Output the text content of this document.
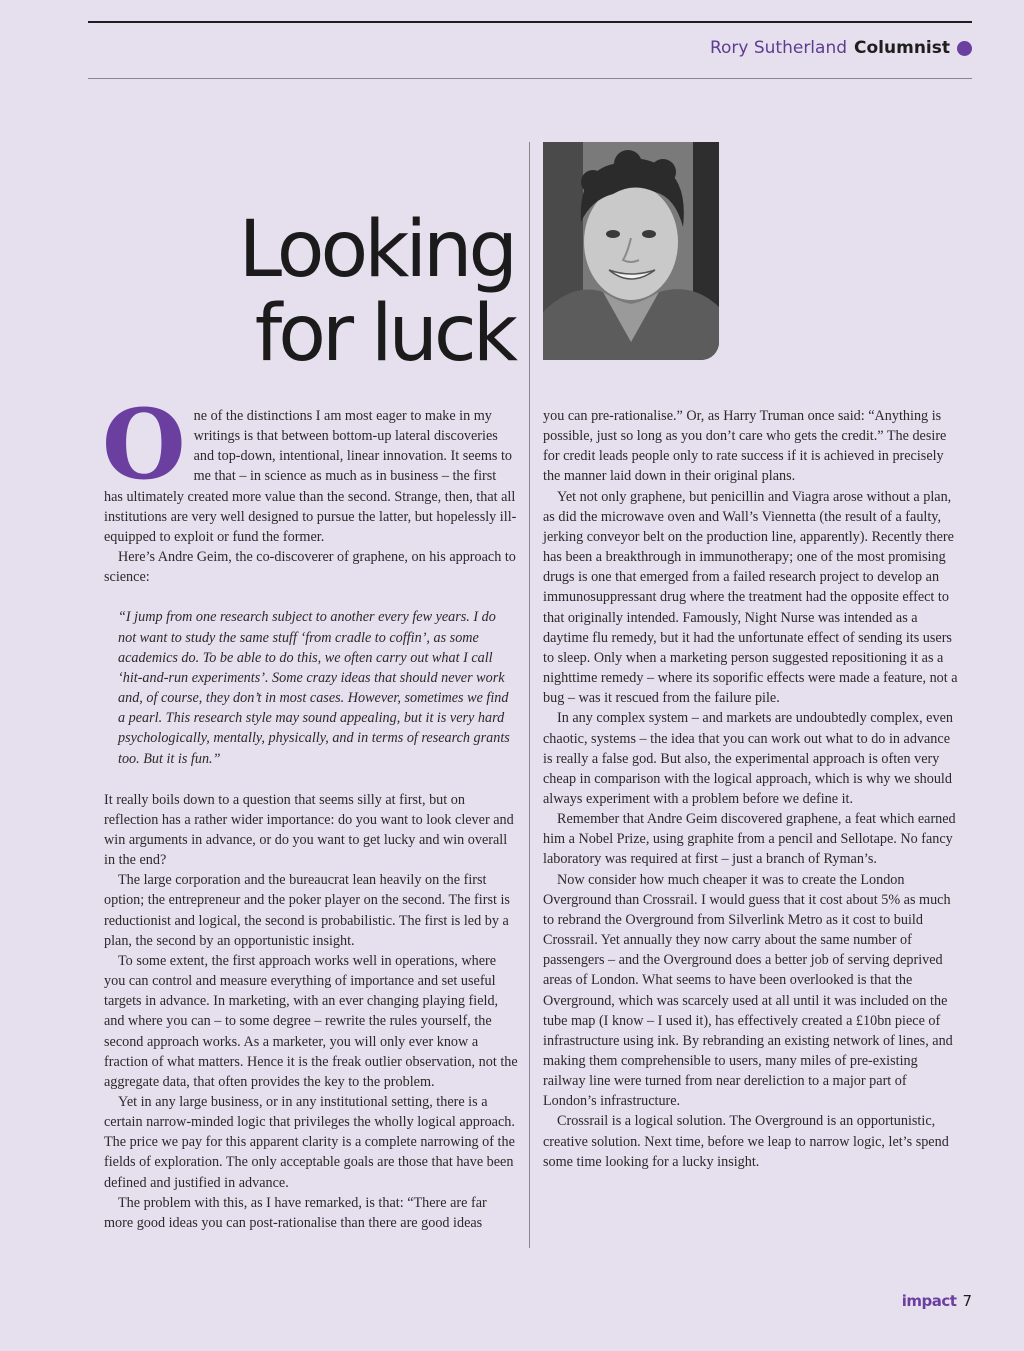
Rory Sutherland Columnist
Looking
for luck

One of the distinctions I am most eager to make in my writings is that between bottom-up lateral discoveries and top-down, intentional, linear innovation. It seems to me that – in science as much as in business – the first has ultimately created more value than the second. Strange, then, that all institutions are very well designed to pursue the latter, but hopelessly ill-equipped to exploit or fund the former.

Here’s Andre Geim, the co-discoverer of graphene, on his approach to science:

“I jump from one research subject to another every few years. I do not want to study the same stuff ‘from cradle to coffin’, as some academics do. To be able to do this, we often carry out what I call ‘hit-and-run experiments’. Some crazy ideas that should never work and, of course, they don’t in most cases. However, sometimes we find a pearl. This research style may sound appealing, but it is very hard psychologically, mentally, physically, and in terms of research grants too. But it is fun.”

It really boils down to a question that seems silly at first, but on reflection has a rather wider importance: do you want to look clever and win arguments in advance, or do you want to get lucky and win overall in the end?

The large corporation and the bureaucrat lean heavily on the first option; the entrepreneur and the poker player on the second. The first is reductionist and logical, the second is probabilistic. The first is led by a plan, the second by an opportunistic insight.

To some extent, the first approach works well in operations, where you can control and measure everything of importance and set useful targets in advance. In marketing, with an ever changing playing field, and where you can – to some degree – rewrite the rules yourself, the second approach works. As a marketer, you will only ever know a fraction of what matters. Hence it is the freak outlier observation, not the aggregate data, that often provides the key to the problem.

Yet in any large business, or in any institutional setting, there is a certain narrow-minded logic that privileges the wholly logical approach. The price we pay for this apparent clarity is a complete narrowing of the fields of exploration. The only acceptable goals are those that have been defined and justified in advance.

The problem with this, as I have remarked, is that: “There are far more good ideas you can post-rationalise than there are good ideas

you can pre-rationalise.” Or, as Harry Truman once said: “Anything is possible, just so long as you don’t care who gets the credit.” The desire for credit leads people only to rate success if it is achieved in precisely the manner laid down in their original plans.

Yet not only graphene, but penicillin and Viagra arose without a plan, as did the microwave oven and Wall’s Viennetta (the result of a faulty, jerking conveyor belt on the production line, apparently). Recently there has been a breakthrough in immunotherapy; one of the most promising drugs is one that emerged from a failed research project to develop an immunosuppressant drug where the treatment had the opposite effect to that originally intended. Famously, Night Nurse was intended as a daytime flu remedy, but it had the unfortunate effect of sending its users to sleep. Only when a marketing person suggested repositioning it as a nighttime remedy – where its soporific effects were made a feature, not a bug – was it rescued from the failure pile.

In any complex system – and markets are undoubtedly complex, even chaotic, systems – the idea that you can work out what to do in advance is really a false god. But also, the experimental approach is often very cheap in comparison with the logical approach, which is why we should always experiment with a problem before we define it.

Remember that Andre Geim discovered graphene, a feat which earned him a Nobel Prize, using graphite from a pencil and Sellotape. No fancy laboratory was required at first – just a branch of Ryman’s.

Now consider how much cheaper it was to create the London Overground than Crossrail. I would guess that it cost about 5% as much to rebrand the Overground from Silverlink Metro as it cost to build Crossrail. Yet annually they now carry about the same number of passengers – and the Overground does a better job of serving deprived areas of London. What seems to have been overlooked is that the Overground, which was scarcely used at all until it was included on the tube map (I know – I used it), has effectively created a £10bn piece of infrastructure using ink. By rebranding an existing network of lines, and making them comprehensible to users, many miles of pre-existing railway line were turned from near dereliction to a major part of London’s infrastructure.

Crossrail is a logical solution. The Overground is an opportunistic, creative solution. Next time, before we leap to narrow logic, let’s spend some time looking for a lucky insight.

impact 7
